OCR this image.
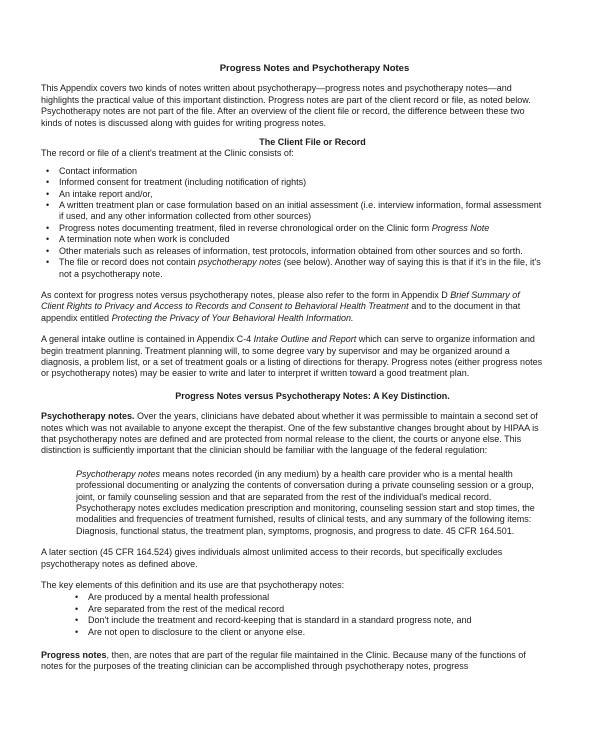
Progress Notes and Psychotherapy Notes

This Appendix covers two kinds of notes written about psychotherapy—progress notes and psychotherapy notes—and highlights the practical value of this important distinction. Progress notes are part of the client record or file, as noted below. Psychotherapy notes are not part of the file. After an overview of the client file or record, the difference between these two kinds of notes is discussed along with guides for writing progress notes.

The Client File or Record

The record or file of a client's treatment at the Clinic consists of:

• Contact information
• Informed consent for treatment (including notification of rights)
• An intake report and/or,
• A written treatment plan or case formulation based on an initial assessment (i.e. interview information, formal assessment if used, and any other information collected from other sources)
• Progress notes documenting treatment, filed in reverse chronological order on the Clinic form Progress Note
• A termination note when work is concluded
• Other materials such as releases of information, test protocols, information obtained from other sources and so forth.
• The file or record does not contain psychotherapy notes (see below). Another way of saying this is that if it's in the file, it's not a psychotherapy note.

As context for progress notes versus psychotherapy notes, please also refer to the form in Appendix D Brief Summary of Client Rights to Privacy and Access to Records and Consent to Behavioral Health Treatment and to the document in that appendix entitled Protecting the Privacy of Your Behavioral Health Information.

A general intake outline is contained in Appendix C-4 Intake Outline and Report which can serve to organize information and begin treatment planning. Treatment planning will, to some degree vary by supervisor and may be organized around a diagnosis, a problem list, or a set of treatment goals or a listing of directions for therapy. Progress notes (either progress notes or psychotherapy notes) may be easier to write and later to interpret if written toward a good treatment plan.

Progress Notes versus Psychotherapy Notes: A Key Distinction.

Psychotherapy notes. Over the years, clinicians have debated about whether it was permissible to maintain a second set of notes which was not available to anyone except the therapist. One of the few substantive changes brought about by HIPAA is that psychotherapy notes are defined and are protected from normal release to the client, the courts or anyone else. This distinction is sufficiently important that the clinician should be familiar with the language of the federal regulation:

Psychotherapy notes means notes recorded (in any medium) by a health care provider who is a mental health professional documenting or analyzing the contents of conversation during a private counseling session or a group, joint, or family counseling session and that are separated from the rest of the individual's medical record. Psychotherapy notes excludes medication prescription and monitoring, counseling session start and stop times, the modalities and frequencies of treatment furnished, results of clinical tests, and any summary of the following items: Diagnosis, functional status, the treatment plan, symptoms, prognosis, and progress to date. 45 CFR 164.501.

A later section (45 CFR 164.524) gives individuals almost unlimited access to their records, but specifically excludes psychotherapy notes as defined above.

The key elements of this definition and its use are that psychotherapy notes:

• Are produced by a mental health professional
• Are separated from the rest of the medical record
• Don't include the treatment and record-keeping that is standard in a standard progress note, and
• Are not open to disclosure to the client or anyone else.

Progress notes, then, are notes that are part of the regular file maintained in the Clinic. Because many of the functions of notes for the purposes of the treating clinician can be accomplished through psychotherapy notes, progress
